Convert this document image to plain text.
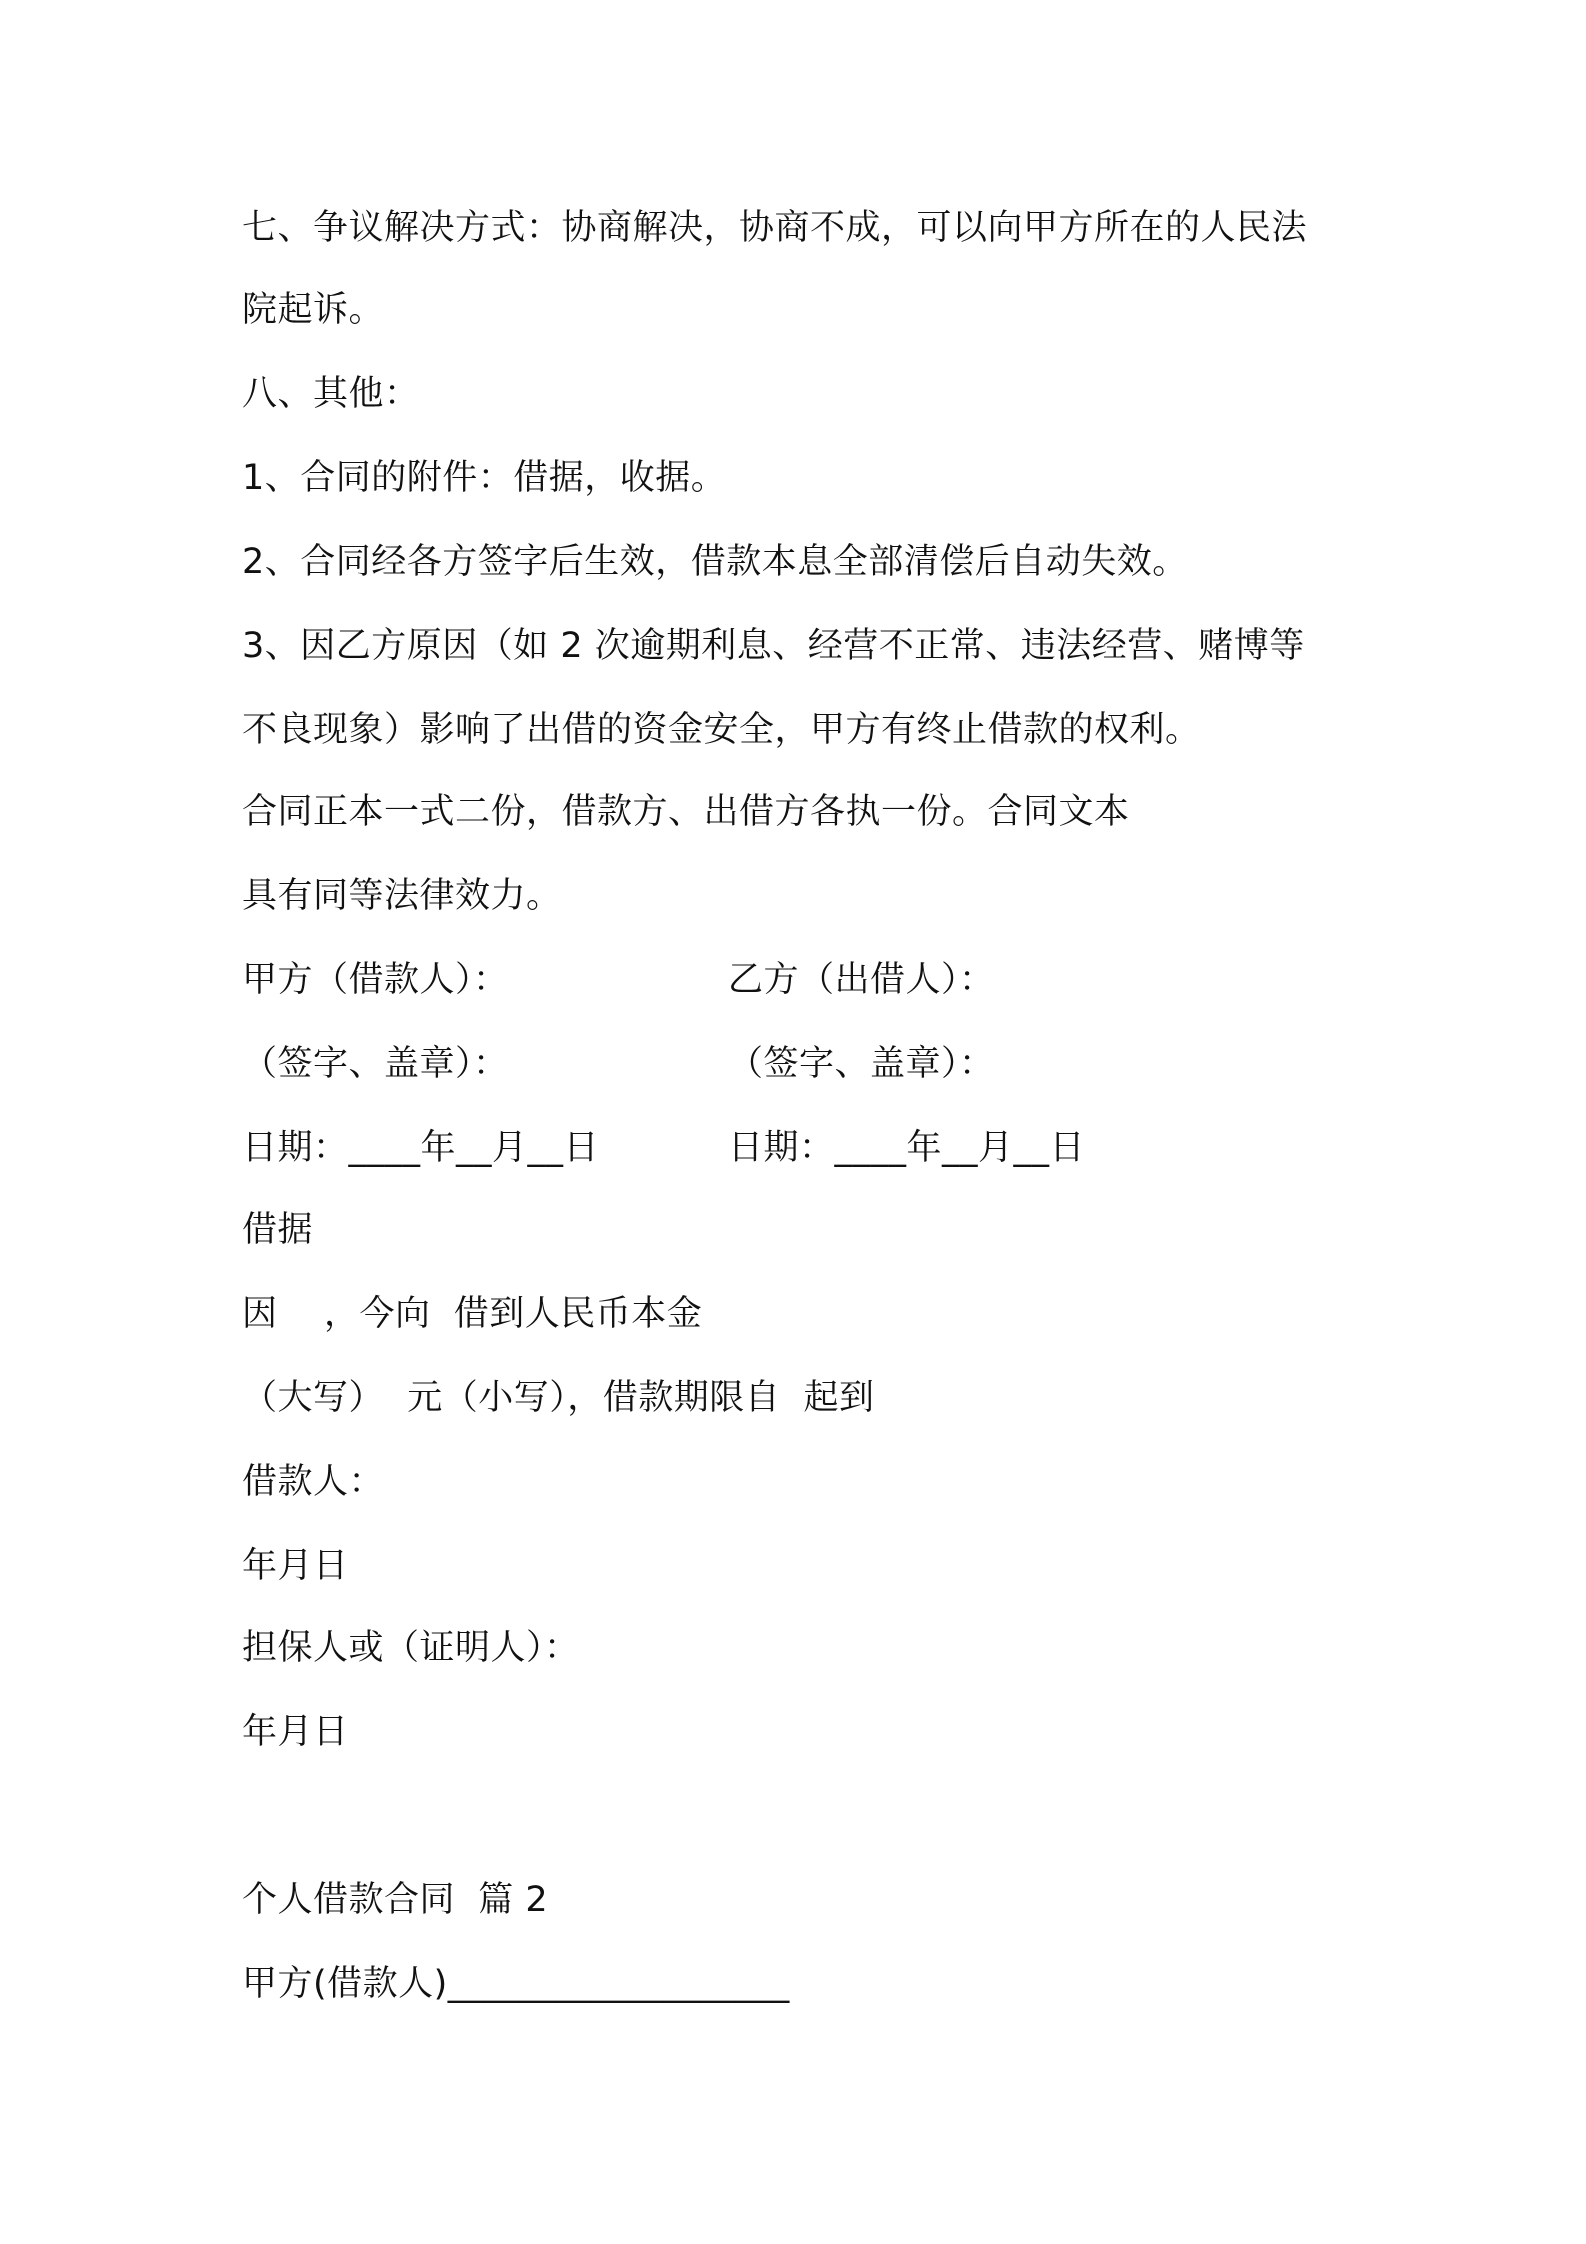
七、争议解决方式：协商解决，协商不成，可以向甲方所在的人民法
院起诉。
八、其他：
1、合同的附件：借据，收据。
2、合同经各方签字后生效，借款本息全部清偿后自动失效。
3、因乙方原因（如 2 次逾期利息、经营不正常、违法经营、赌博等
不良现象）影响了出借的资金安全，甲方有终止借款的权利。
合同正本一式二份，借款方、出借方各执一份。合同文本
具有同等法律效力。
甲方（借款人）：	乙方（出借人）：
（签字、盖章）：	（签字、盖章）：
日期：____年__月__日	日期：____年__月__日
借据
因    ，今向  借到人民币本金
（大写）  元（小写），借款期限自  起到
借款人：
年月日
担保人或（证明人）：
年月日
个人借款合同  篇 2
甲方(借款人)___________________
